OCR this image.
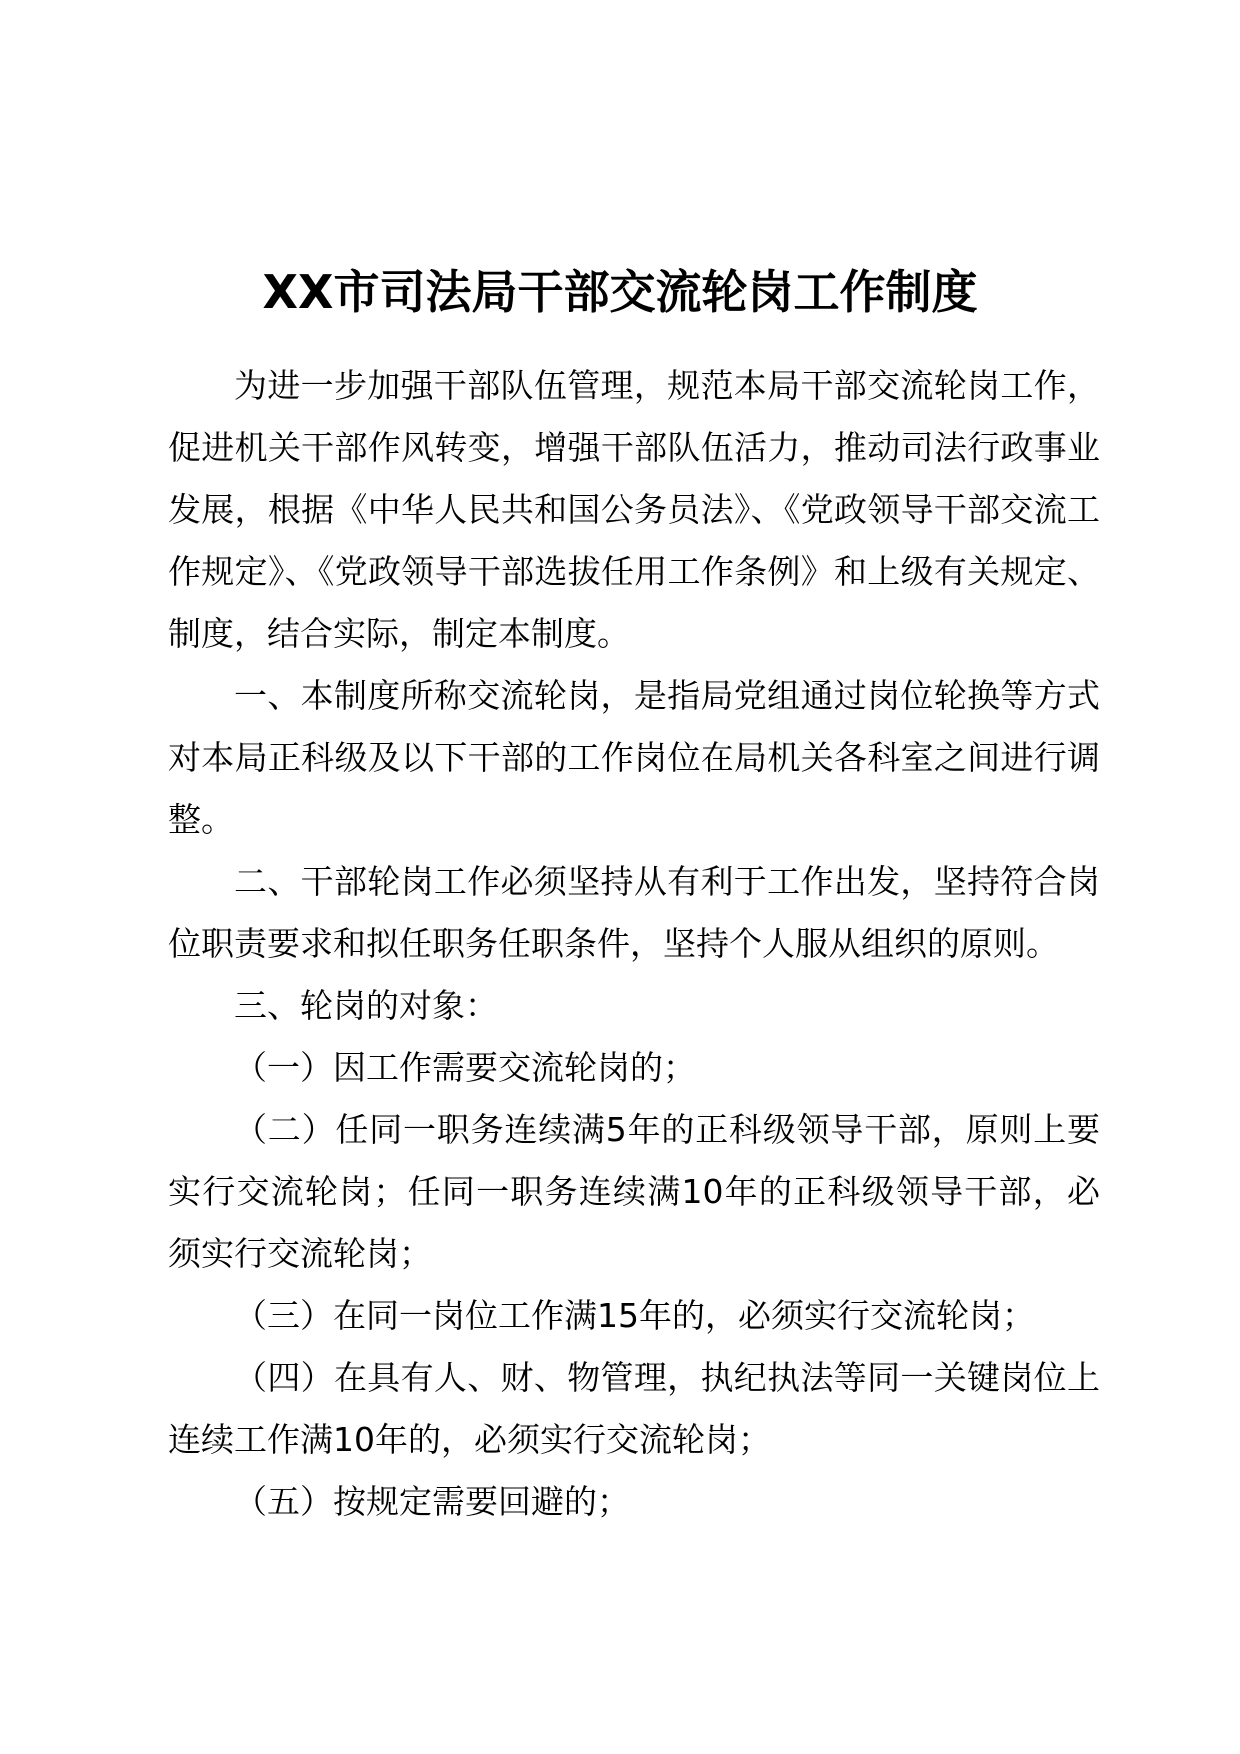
XX市司法局干部交流轮岗工作制度

为进一步加强干部队伍管理，规范本局干部交流轮岗工作，促进机关干部作风转变，增强干部队伍活力，推动司法行政事业发展，根据《中华人民共和国公务员法》、《党政领导干部交流工作规定》、《党政领导干部选拔任用工作条例》和上级有关规定、制度，结合实际，制定本制度。

一、本制度所称交流轮岗，是指局党组通过岗位轮换等方式对本局正科级及以下干部的工作岗位在局机关各科室之间进行调整。

二、干部轮岗工作必须坚持从有利于工作出发，坚持符合岗位职责要求和拟任职务任职条件，坚持个人服从组织的原则。

三、轮岗的对象：

（一）因工作需要交流轮岗的；

（二）任同一职务连续满5年的正科级领导干部，原则上要实行交流轮岗；任同一职务连续满10年的正科级领导干部，必须实行交流轮岗；

（三）在同一岗位工作满15年的，必须实行交流轮岗；

（四）在具有人、财、物管理，执纪执法等同一关键岗位上连续工作满10年的，必须实行交流轮岗；

（五）按规定需要回避的；
